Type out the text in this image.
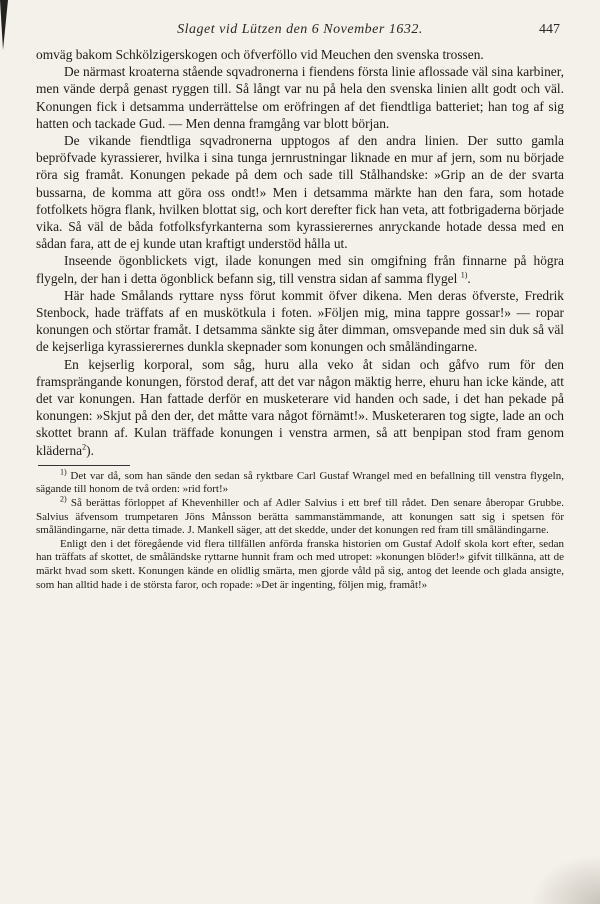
Slaget vid Lützen den 6 November 1632.	447

omväg bakom Schkölzigerskogen och öfverföllo vid Meuchen den svenska trossen.

De närmast kroaterna stående sqvadronerna i fiendens första linie aflossade väl sina karbiner, men vände derpå genast ryggen till. Så långt var nu på hela den svenska linien allt godt och väl. Konungen fick i detsamma underrättelse om eröfringen af det fiendtliga batteriet; han tog af sig hatten och tackade Gud. — Men denna framgång var blott början.

De vikande fiendtliga sqvadronerna upptogos af den andra linien. Der sutto gamla bepröfvade kyrassierer, hvilka i sina tunga jernrustningar liknade en mur af jern, som nu började röra sig framåt. Konungen pekade på dem och sade till Stålhandske: »Grip an de der svarta bussarna, de komma att göra oss ondt!» Men i detsamma märkte han den fara, som hotade fotfolkets högra flank, hvilken blottat sig, och kort derefter fick han veta, att fotbrigaderna började vika. Så väl de båda fotfolksfyrkanterna som kyrassierernes anryckande hotade dessa med en sådan fara, att de ej kunde utan kraftigt understöd hålla ut.

Inseende ögonblickets vigt, ilade konungen med sin omgifning från finnarne på högra flygeln, der han i detta ögonblick befann sig, till venstra sidan af samma flygel $^{1)}$.

Här hade Smålands ryttare nyss förut kommit öfver dikena. Men deras öfverste, Fredrik Stenbock, hade träffats af en muskötkula i foten. »Följen mig, mina tappre gossar!» — ropar konungen och störtar framåt. I detsamma sänkte sig åter dimman, omsvepande med sin duk så väl de kejserliga kyrassierernes dunkla skepnader som konungen och småländingarne.

En kejserlig korporal, som såg, huru alla veko åt sidan och gåfvo rum för den framsprängande konungen, förstod deraf, att det var någon mäktig herre, ehuru han icke kände, att det var konungen. Han fattade derför en musketerare vid handen och sade, i det han pekade på konungen: »Skjut på den der, det måtte vara något förnämt!». Musketeraren tog sigte, lade an och skottet brann af. Kulan träffade konungen i venstra armen, så att benpipan stod fram genom kläderna$^2$).

$^{1)}$ Det var då, som han sände den sedan så ryktbare Carl Gustaf Wrangel med en befallning till venstra flygeln, sägande till honom de två orden: »rid fort!»

$^{2)}$ Så berättas förloppet af Khevenhiller och af Adler Salvius i ett bref till rådet. Den senare åberopar Grubbe. Salvius äfvensom trumpetaren Jöns Månsson berätta sammanstämmande, att konungen satt sig i spetsen för småländingarne, när detta timade. J. Mankell säger, att det skedde, under det konungen red fram till småländingarne.

Enligt den i det föregående vid flera tillfällen anförda franska historien om Gustaf Adolf skola kort efter, sedan han träffats af skottet, de småländske ryttarne hunnit fram och med utropet: »konungen blöder!» gifvit tillkänna, att de märkt hvad som skett. Konungen kände en olidlig smärta, men gjorde våld på sig, antog det leende och glada ansigte, som han alltid hade i de största faror, och ropade: »Det är ingenting, följen mig, framåt!»
